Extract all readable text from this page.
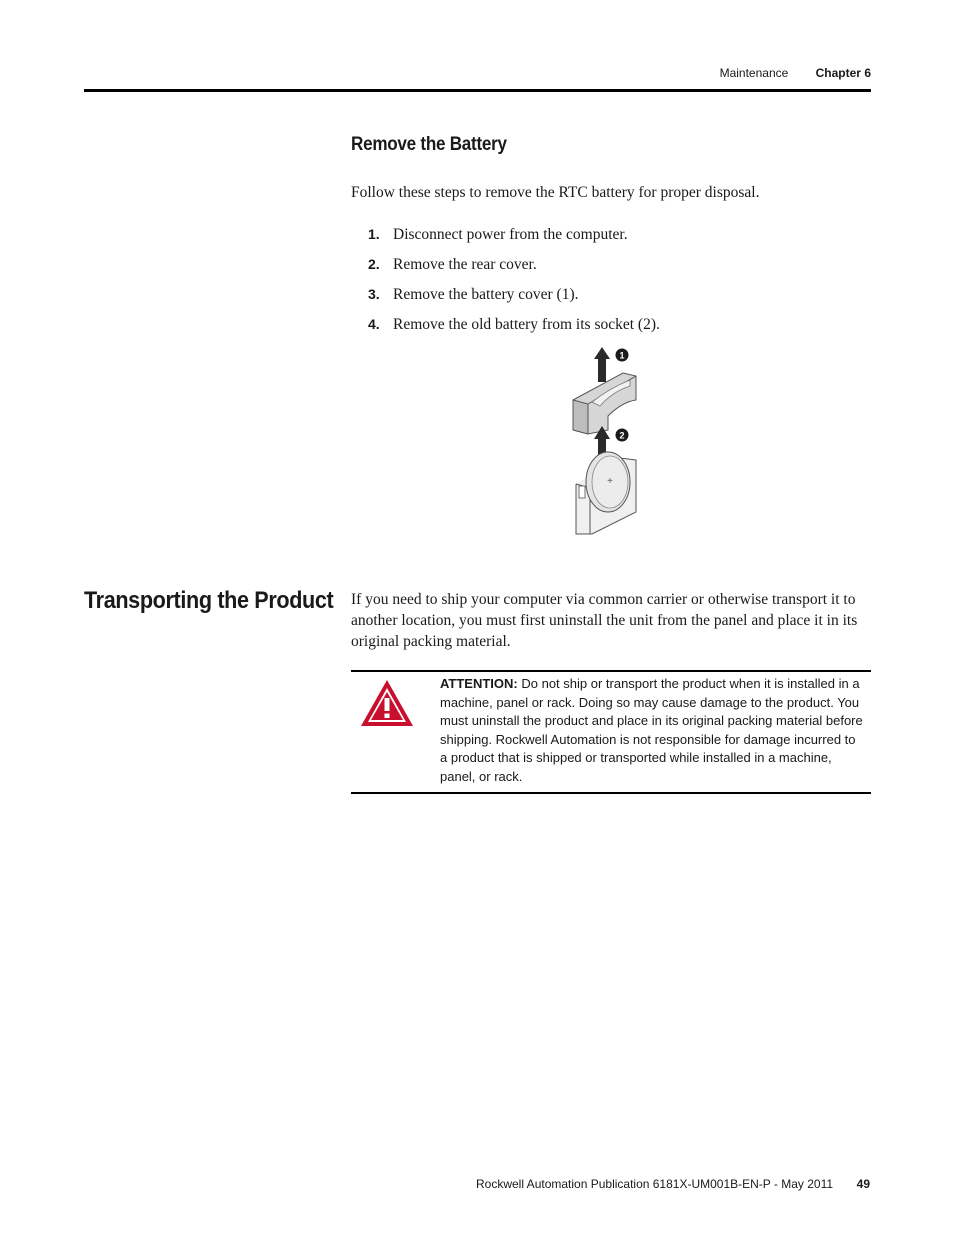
Maintenance Chapter 6
Remove the Battery
Follow these steps to remove the RTC battery for proper disposal.
1. Disconnect power from the computer.
2. Remove the rear cover.
3. Remove the battery cover (1).
4. Remove the old battery from its socket (2).
1
2
+
Transporting the Product If you need to ship your computer via common carrier or otherwise transport it to another location, you must first uninstall the unit from the panel and place it in its original packing material.
ATTENTION: Do not ship or transport the product when it is installed in a machine, panel or rack. Doing so may cause damage to the product. You must uninstall the product and place in its original packing material before shipping. Rockwell Automation is not responsible for damage incurred to a product that is shipped or transported while installed in a machine, panel, or rack.
Rockwell Automation Publication 6181X-UM001B-EN-P - May 2011 49
